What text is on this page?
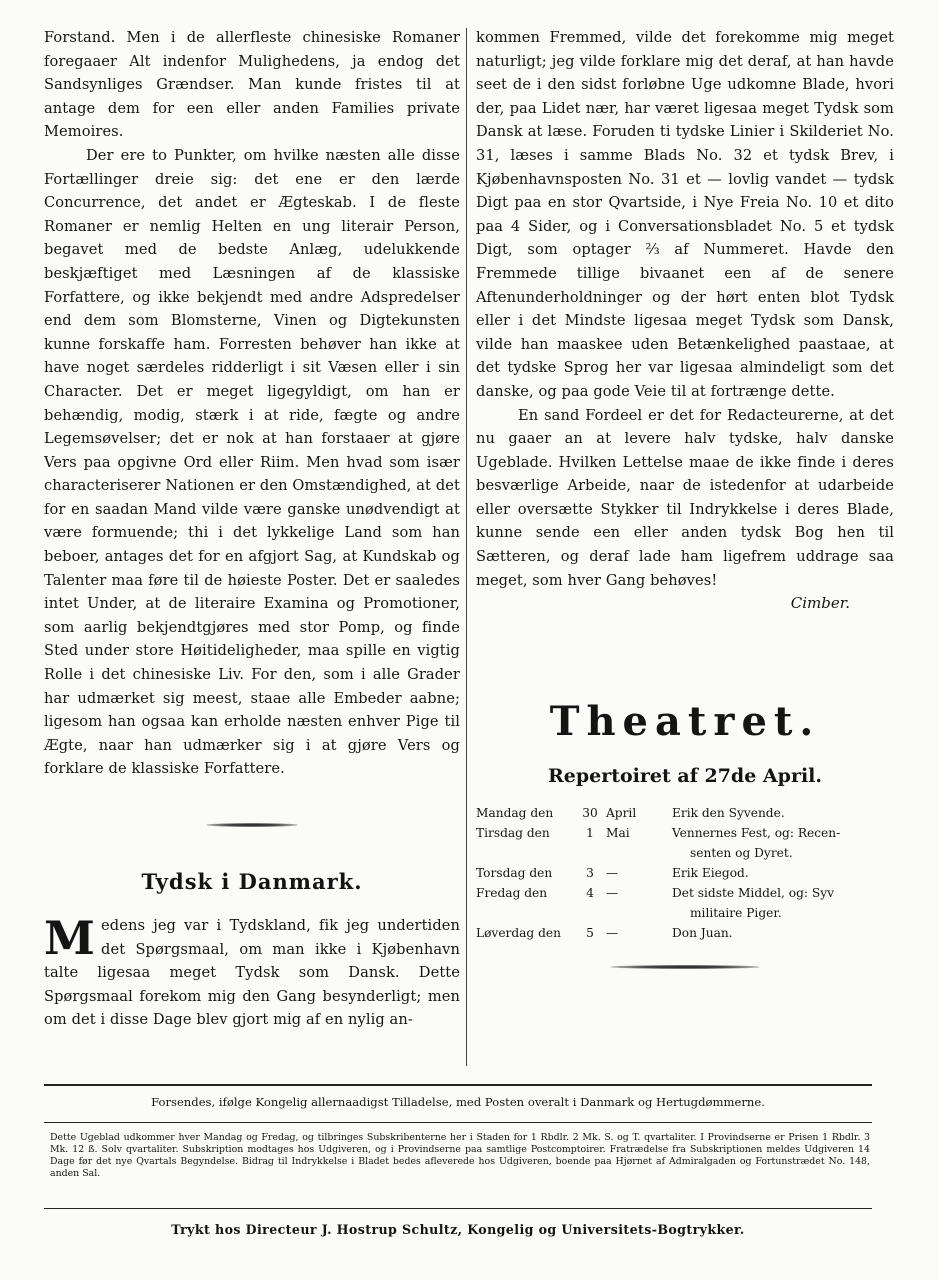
Forstand. Men i de allerfleste chinesiske Romaner foregaaer Alt indenfor Mulighedens, ja endog det Sandsynliges Grændser. Man kunde fristes til at antage dem for een eller anden Families private Memoires.

Der ere to Punkter, om hvilke næsten alle disse Fortællinger dreie sig: det ene er den lærde Concurrence, det andet er Ægteskab. I de fleste Romaner er nemlig Helten en ung literair Person, begavet med de bedste Anlæg, udelukkende beskjæftiget med Læsningen af de klassiske Forfattere, og ikke bekjendt med andre Adspredelser end dem som Blomsterne, Vinen og Digtekunsten kunne forskaffe ham. Forresten behøver han ikke at have noget særdeles ridderligt i sit Væsen eller i sin Character. Det er meget ligegyldigt, om han er behændig, modig, stærk i at ride, fægte og andre Legemsøvelser; det er nok at han forstaaer at gjøre Vers paa opgivne Ord eller Riim. Men hvad som især characteriserer Nationen er den Omstændighed, at det for en saadan Mand vilde være ganske unødvendigt at være formuende; thi i det lykkelige Land som han beboer, antages det for en afgjort Sag, at Kundskab og Talenter maa føre til de høieste Poster. Det er saaledes intet Under, at de literaire Examina og Promotioner, som aarlig bekjendtgjøres med stor Pomp, og finde Sted under store Høitideligheder, maa spille en vigtig Rolle i det chinesiske Liv. For den, som i alle Grader har udmærket sig meest, staae alle Embeder aabne; ligesom han ogsaa kan erholde næsten enhver Pige til Ægte, naar han udmærker sig i at gjøre Vers og forklare de klassiske Forfattere.

Tydsk i Danmark.

Medens jeg var i Tydskland, fik jeg undertiden det Spørgsmaal, om man ikke i Kjøbenhavn talte ligesaa meget Tydsk som Dansk. Dette Spørgsmaal forekom mig den Gang besynderligt; men om det i disse Dage blev gjort mig af en nylig an-

kommen Fremmed, vilde det forekomme mig meget naturligt; jeg vilde forklare mig det deraf, at han havde seet de i den sidst forløbne Uge udkomne Blade, hvori der, paa Lidet nær, har været ligesaa meget Tydsk som Dansk at læse. Foruden ti tydske Linier i Skilderiet No. 31, læses i samme Blads No. 32 et tydsk Brev, i Kjøbenhavnsposten No. 31 et — lovlig vandet — tydsk Digt paa en stor Qvartside, i Nye Freia No. 10 et dito paa 4 Sider, og i Conversationsbladet No. 5 et tydsk Digt, som optager ⅔ af Nummeret. Havde den Fremmede tillige bivaanet een af de senere Aftenunderholdninger og der hørt enten blot Tydsk eller i det Mindste ligesaa meget Tydsk som Dansk, vilde han maaskee uden Betænkelighed paastaae, at det tydske Sprog her var ligesaa almindeligt som det danske, og paa gode Veie til at fortrænge dette.

En sand Fordeel er det for Redacteurerne, at det nu gaaer an at levere halv tydske, halv danske Ugeblade. Hvilken Lettelse maae de ikke finde i deres besværlige Arbeide, naar de istedenfor at udarbeide eller oversætte Stykker til Indrykkelse i deres Blade, kunne sende een eller anden tydsk Bog hen til Sætteren, og deraf lade ham ligefrem uddrage saa meget, som hver Gang behøves!

Cimber.
Theatret.
Repertoiret af 27de April.
Mandag den	30	April	Erik den Syvende.

Tirsdag den	1	Mai	Vennernes Fest, og: Recen-
senten og Dyret.

Torsdag den	3	—	Erik Eiegod.

Fredag den	4	—	Det sidste Middel, og: Syv
militaire Piger.

Løverdag den	5	—	Don Juan.
Forsendes, ifølge Kongelig allernaadigst Tilladelse, med Posten overalt i Danmark og Hertugdømmerne.
Dette Ugeblad udkommer hver Mandag og Fredag, og tilbringes Subskribenterne her i Staden for 1 Rbdlr. 2 Mk. S. og T. qvartaliter. I Provindserne er Prisen 1 Rbdlr. 3 Mk. 12 ß. Solv qvartaliter. Subskription modtages hos Udgiveren, og i Provindserne paa samtlige Postcomptoirer. Fratrædelse fra Subskriptionen meldes Udgiveren 14 Dage før det nye Qvartals Begyndelse. Bidrag til Indrykkelse i Bladet bedes afleverede hos Udgiveren, boende paa Hjørnet af Admiralgaden og Fortunstrædet No. 148, anden Sal.
Trykt hos Directeur J. Hostrup Schultz, Kongelig og Universitets-Bogtrykker.
